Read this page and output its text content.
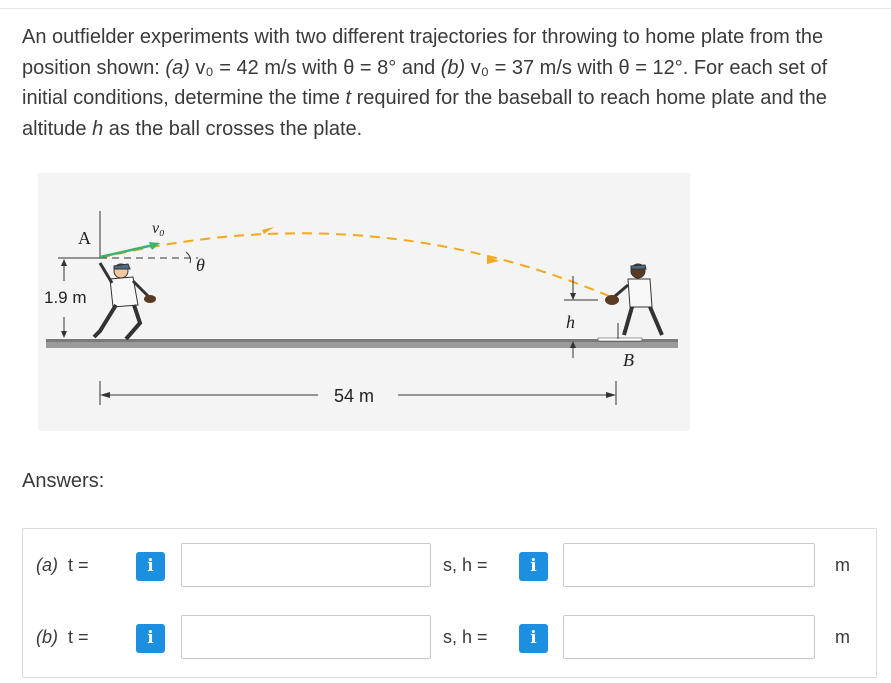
An outfielder experiments with two different trajectories for throwing to home plate from the position shown: (a) v₀ = 42 m/s with θ = 8° and (b) v₀ = 37 m/s with θ = 12°. For each set of initial conditions, determine the time t required for the baseball to reach home plate and the altitude h as the ball crosses the plate.
A	v₀
θ
1.9 m
B
h
54 m
Answers:
(a) t =	i	s, h =	i	m
(b) t =	i	s, h =	i	m
